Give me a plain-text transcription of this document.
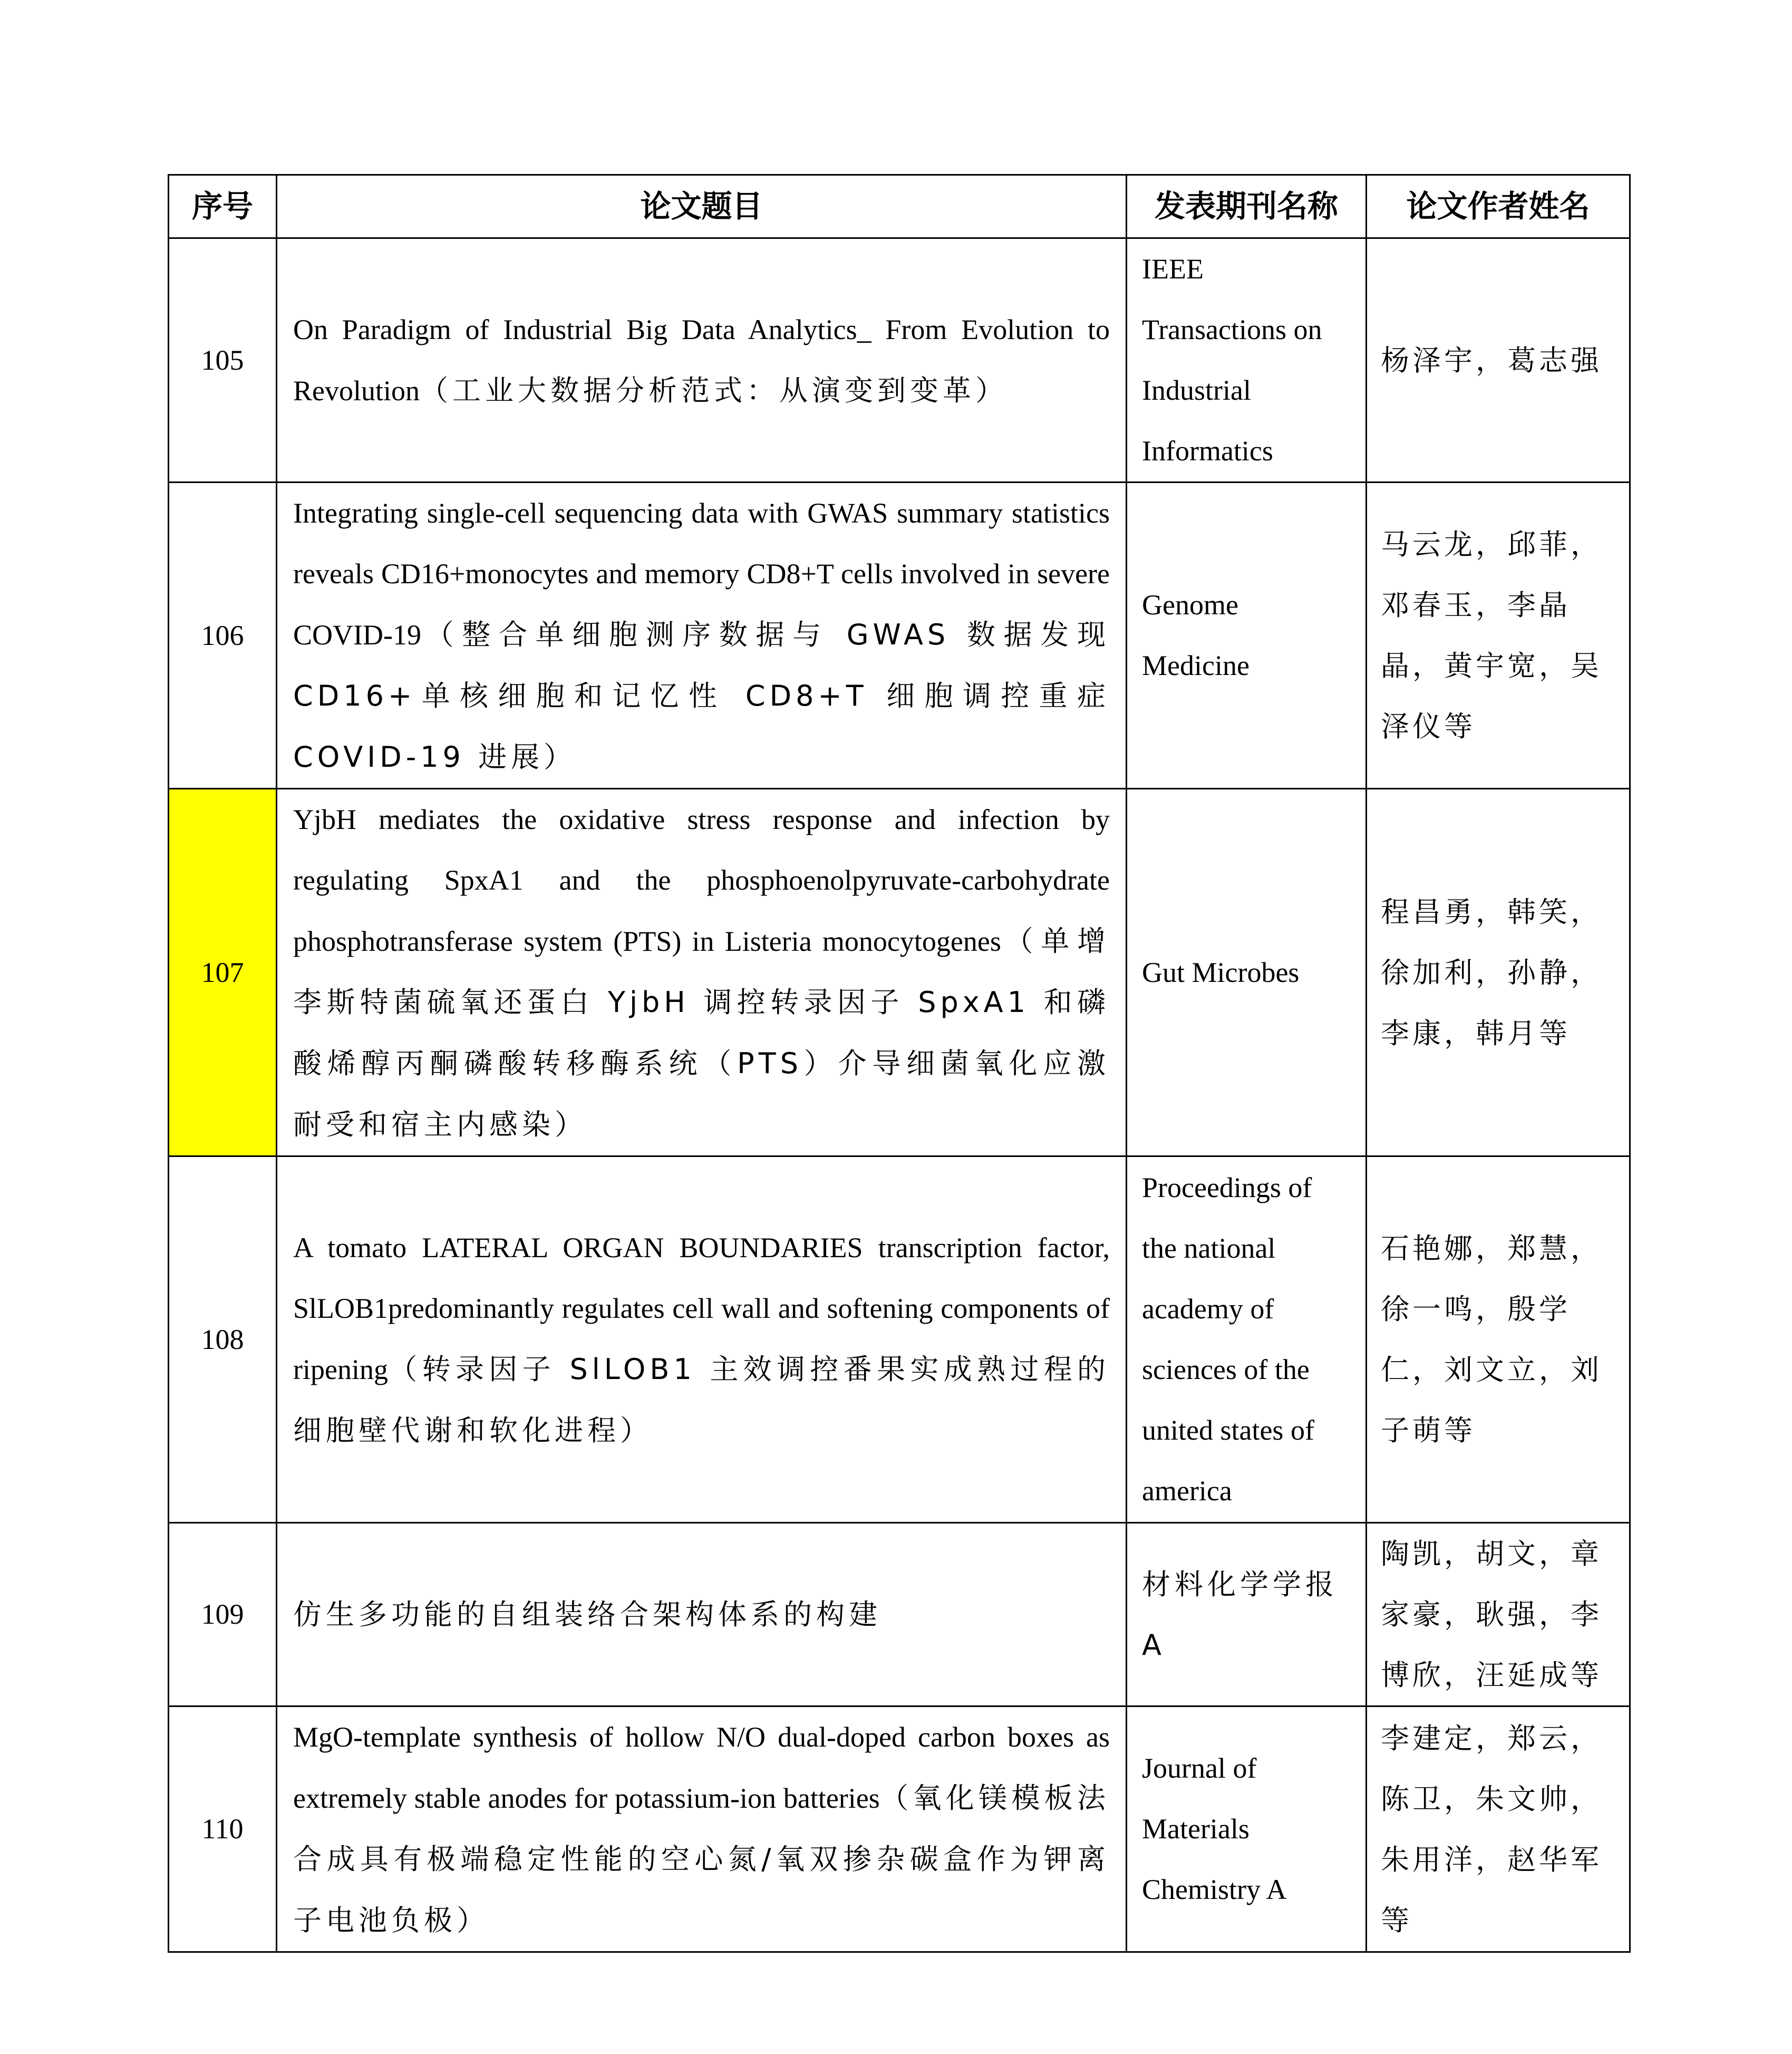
序号	论文题目	发表期刊名称	论文作者姓名
105	On Paradigm of Industrial Big Data Analytics_ From Evolution to Revolution（工业大数据分析范式：从演变到变革）	IEEE Transactions on Industrial Informatics	杨泽宇，葛志强
106	Integrating single-cell sequencing data with GWAS summary statistics reveals CD16+monocytes and memory CD8+T cells involved in severe COVID-19（整合单细胞测序数据与 GWAS 数据发现 CD16+单核细胞和记忆性 CD8+T 细胞调控重症 COVID-19 进展）	Genome Medicine	马云龙，邱菲，邓春玉，李晶晶，黄宇宽，吴泽仪等
107	YjbH mediates the oxidative stress response and infection by regulating SpxA1 and the phosphoenolpyruvate-carbohydrate phosphotransferase system (PTS) in Listeria monocytogenes（单增李斯特菌硫氧还蛋白 YjbH 调控转录因子 SpxA1 和磷酸烯醇丙酮磷酸转移酶系统（PTS）介导细菌氧化应激耐受和宿主内感染）	Gut Microbes	程昌勇，韩笑，徐加利，孙静，李康，韩月等
108	A tomato LATERAL ORGAN BOUNDARIES transcription factor, SlLOB1predominantly regulates cell wall and softening components of ripening（转录因子 SlLOB1 主效调控番果实成熟过程的细胞壁代谢和软化进程）	Proceedings of the national academy of sciences of the united states of america	石艳娜，郑慧，徐一鸣，殷学仁，刘文立，刘子萌等
109	仿生多功能的自组装络合架构体系的构建	材料化学学报 A	陶凯，胡文，章家豪，耿强，李博欣，汪延成等
110	MgO-template synthesis of hollow N/O dual-doped carbon boxes as extremely stable anodes for potassium-ion batteries（氧化镁模板法合成具有极端稳定性能的空心氮/氧双掺杂碳盒作为钾离子电池负极）	Journal of Materials Chemistry A	李建定，郑云，陈卫，朱文帅，朱用洋，赵华军等
